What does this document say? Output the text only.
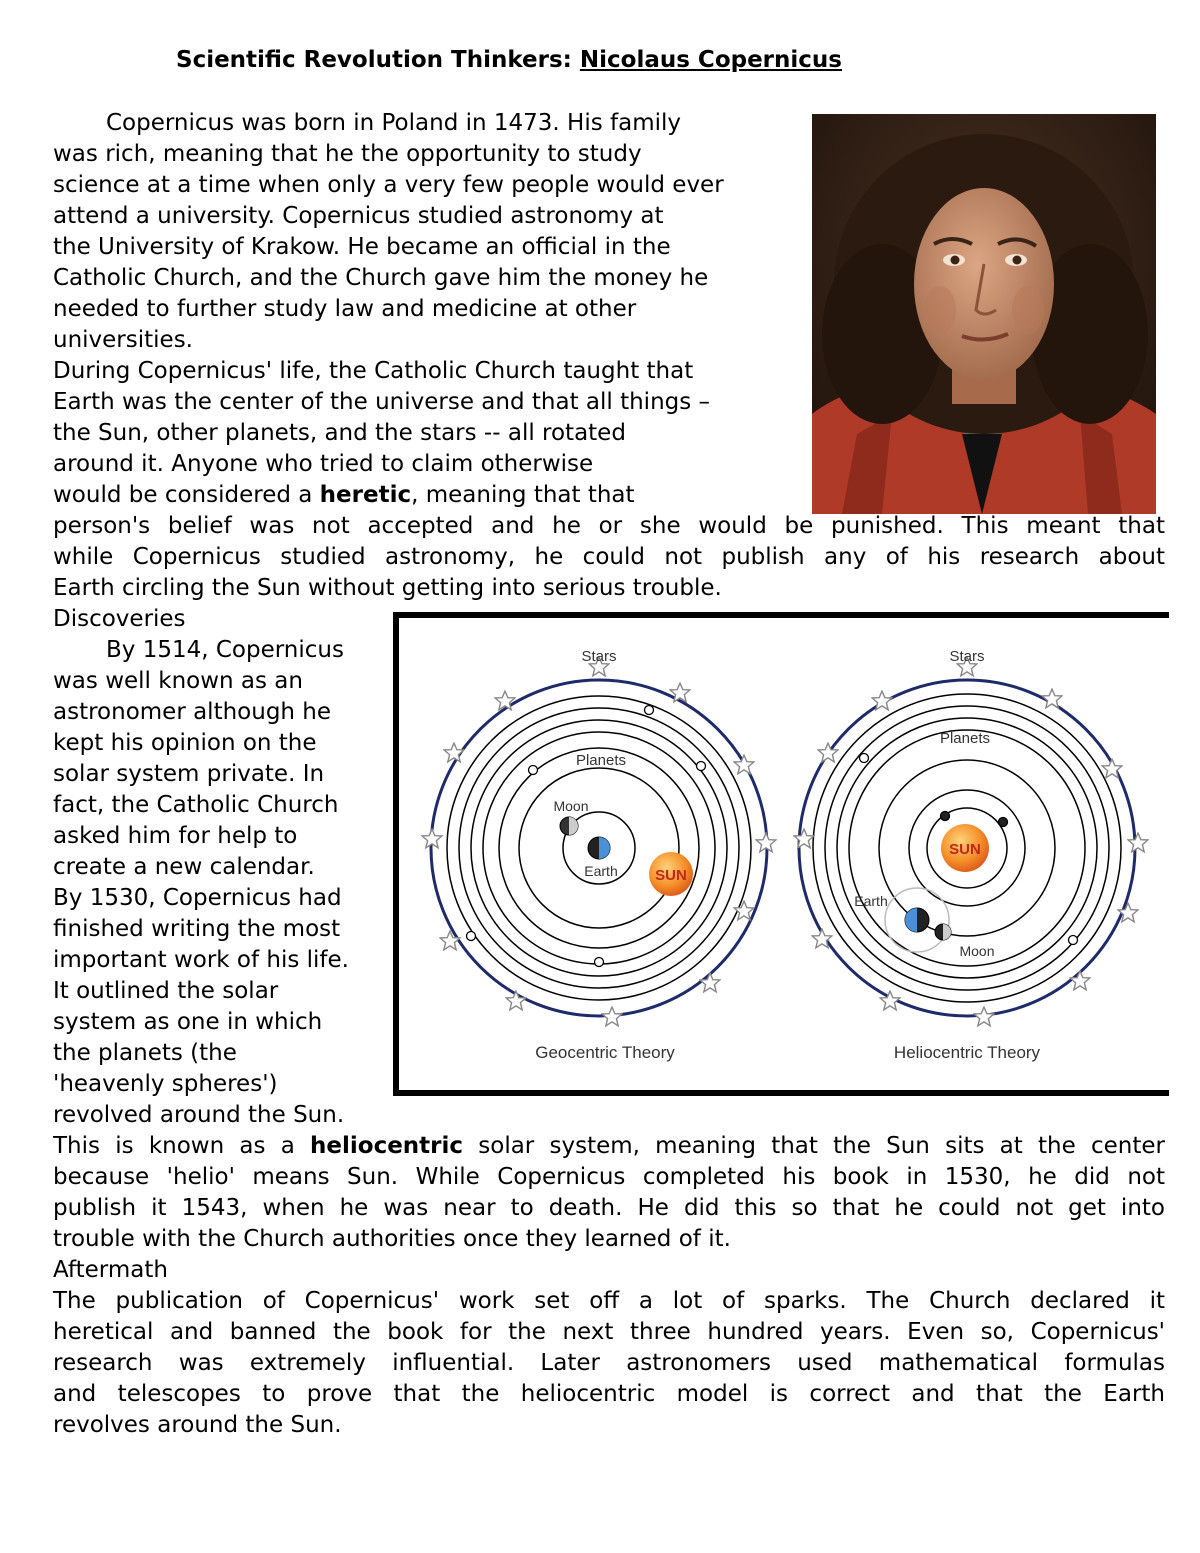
Scientific Revolution Thinkers: Nicolaus Copernicus

Copernicus was born in Poland in 1473. His family

was rich, meaning that he the opportunity to study

science at a time when only a very few people would ever

attend a university. Copernicus studied astronomy at

the University of Krakow. He became an official in the

Catholic Church, and the Church gave him the money he

needed to further study law and medicine at other

universities.

During Copernicus' life, the Catholic Church taught that

Earth was the center of the universe and that all things –

the Sun, other planets, and the stars -- all rotated

around it. Anyone who tried to claim otherwise

would be considered a heretic, meaning that that

person's belief was not accepted and he or she would be punished. This meant that

while Copernicus studied astronomy, he could not publish any of his research about

Earth circling the Sun without getting into serious trouble.

Discoveries

By 1514, Copernicus

was well known as an

astronomer although he

kept his opinion on the

solar system private. In

fact, the Catholic Church

asked him for help to

create a new calendar.

By 1530, Copernicus had

finished writing the most

important work of his life.

It outlined the solar

system as one in which

the planets (the

'heavenly spheres')

revolved around the Sun.

Stars
Planets
Moon
Earth SUN
Geocentric Theory
Stars
Planets
SUN
Earth
Moon
Heliocentric Theory

This is known as a heliocentric solar system, meaning that the Sun sits at the center

because 'helio' means Sun. While Copernicus completed his book in 1530, he did not

publish it 1543, when he was near to death. He did this so that he could not get into

trouble with the Church authorities once they learned of it.

Aftermath

The publication of Copernicus' work set off a lot of sparks. The Church declared it

heretical and banned the book for the next three hundred years. Even so, Copernicus'

research was extremely influential. Later astronomers used mathematical formulas

and telescopes to prove that the heliocentric model is correct and that the Earth

revolves around the Sun.
